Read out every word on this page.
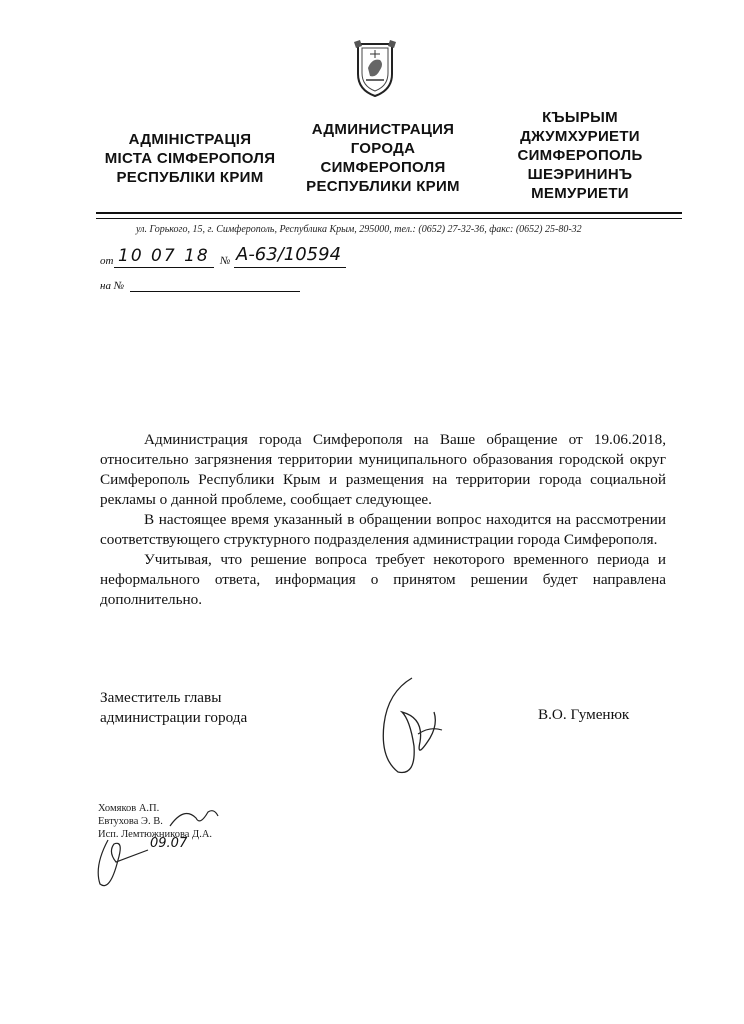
АДМІНІСТРАЦІЯ
МІСТА СІМФЕРОПОЛЯ
РЕСПУБЛІКИ КРИМ
АДМИНИСТРАЦИЯ
ГОРОДА
СИМФЕРОПОЛЯ
РЕСПУБЛИКИ КРИМ
КЪЫРЫМ
ДЖУМХУРИЕТИ
СИМФЕРОПОЛЬ
ШЕЭРИНИНЪ
МЕМУРИЕТИ
ул. Горького, 15, г. Симферополь, Республика Крым, 295000, тел.: (0652) 27-32-36, факс: (0652) 25-80-32
от 10 07 18 № А-63/10594
на №

Администрация города Симферополя на Ваше обращение от 19.06.2018, относительно загрязнения территории муниципального образования городской округ Симферополь Республики Крым и размещения на территории города социальной рекламы о данной проблеме, сообщает следующее.

В настоящее время указанный в обращении вопрос находится на рассмотрении соответствующего структурного подразделения администрации города Симферополя.

Учитывая, что решение вопроса требует некоторого временного периода и неформального ответа, информация о принятом решении будет направлена дополнительно.

Заместитель главы
администрации города	В.О. Гуменюк
Хомяков А.П.
Евтухова Э. В.
Исп. Лемтюжникова Д.А.
09.07
